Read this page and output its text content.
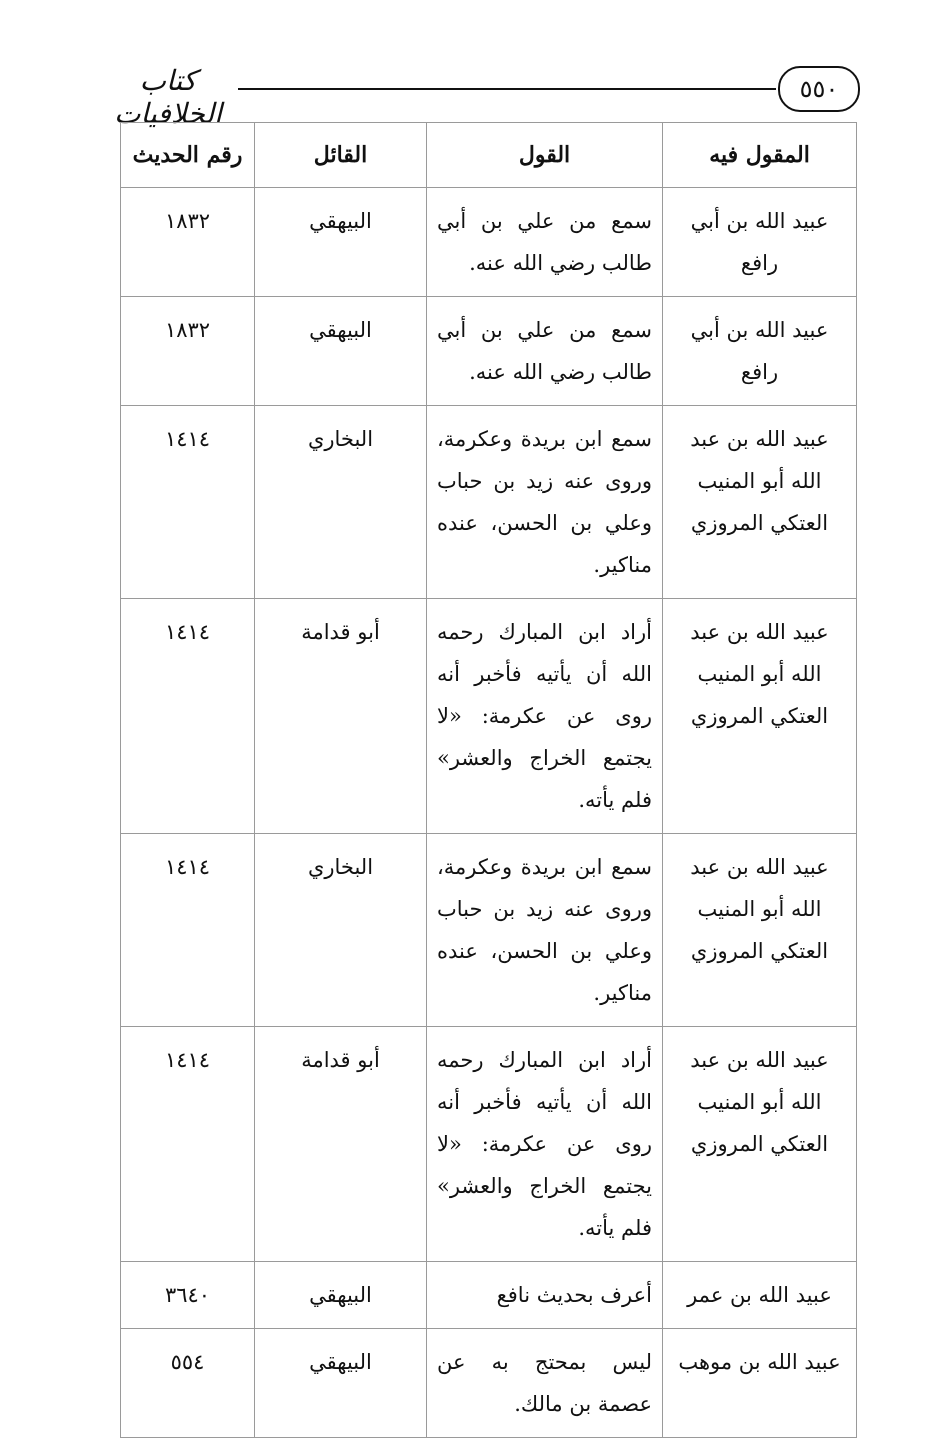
٥٥٠
كتاب الخلافيات
المقول فيه	القول	القائل	رقم الحديث
عبيد الله بن أبي رافع	سمع من علي بن أبي طالب رضي الله عنه.	البيهقي	١٨٣٢
عبيد الله بن أبي رافع	سمع من علي بن أبي طالب رضي الله عنه.	البيهقي	١٨٣٢
عبيد الله بن عبد الله أبو المنيب العتكي المروزي	سمع ابن بريدة وعكرمة، وروى عنه زيد بن حباب وعلي بن الحسن، عنده مناكير.	البخاري	١٤١٤
عبيد الله بن عبد الله أبو المنيب العتكي المروزي	أراد ابن المبارك رحمه الله أن يأتيه فأخبر أنه روى عن عكرمة: «لا يجتمع الخراج والعشر» فلم يأته.	أبو قدامة	١٤١٤
عبيد الله بن عبد الله أبو المنيب العتكي المروزي	سمع ابن بريدة وعكرمة، وروى عنه زيد بن حباب وعلي بن الحسن، عنده مناكير.	البخاري	١٤١٤
عبيد الله بن عبد الله أبو المنيب العتكي المروزي	أراد ابن المبارك رحمه الله أن يأتيه فأخبر أنه روى عن عكرمة: «لا يجتمع الخراج والعشر» فلم يأته.	أبو قدامة	١٤١٤
عبيد الله بن عمر	أعرف بحديث نافع	البيهقي	٣٦٤٠
عبيد الله بن موهب	ليس بمحتج به عن عصمة بن مالك.	البيهقي	٥٥٤
